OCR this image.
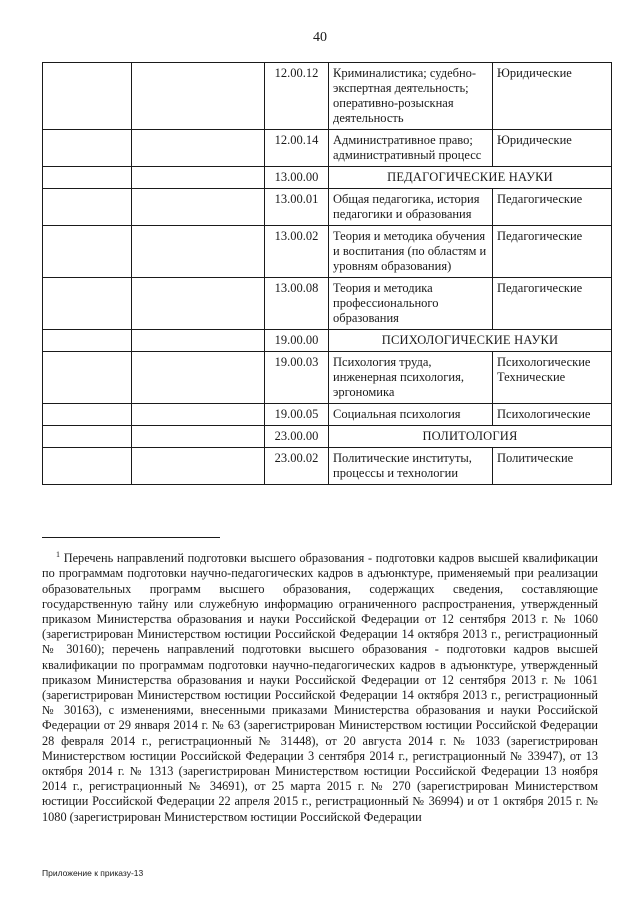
40
		12.00.12	Криминалистика; судебно-экспертная деятельность; оперативно-розыскная деятельность	Юридические
		12.00.14	Административное право; административный процесс	Юридические
		13.00.00	ПЕДАГОГИЧЕСКИЕ НАУКИ	
		13.00.01	Общая педагогика, история педагогики и образования	Педагогические
		13.00.02	Теория и методика обучения и воспитания (по областям и уровням образования)	Педагогические
		13.00.08	Теория и методика профессионального образования	Педагогические
		19.00.00	ПСИХОЛОГИЧЕСКИЕ НАУКИ	
		19.00.03	Психология труда, инженерная психология, эргономика	Психологические Технические
		19.00.05	Социальная психология	Психологические
		23.00.00	ПОЛИТОЛОГИЯ	
		23.00.02	Политические институты, процессы и технологии	Политические
$^1$ Перечень направлений подготовки высшего образования - подготовки кадров высшей квалификации по программам подготовки научно-педагогических кадров в адъюнктуре, применяемый при реализации образовательных программ высшего образования, содержащих сведения, составляющие государственную тайну или служебную информацию ограниченного распространения, утвержденный приказом Министерства образования и науки Российской Федерации от 12 сентября 2013 г. № 1060 (зарегистрирован Министерством юстиции Российской Федерации 14 октября 2013 г., регистрационный № 30160); перечень направлений подготовки высшего образования - подготовки кадров высшей квалификации по программам подготовки научно-педагогических кадров в адъюнктуре, утвержденный приказом Министерства образования и науки Российской Федерации от 12 сентября 2013 г. № 1061 (зарегистрирован Министерством юстиции Российской Федерации 14 октября 2013 г., регистрационный № 30163), с изменениями, внесенными приказами Министерства образования и науки Российской Федерации от 29 января 2014 г. № 63 (зарегистрирован Министерством юстиции Российской Федерации 28 февраля 2014 г., регистрационный № 31448), от 20 августа 2014 г. № 1033 (зарегистрирован Министерством юстиции Российской Федерации 3 сентября 2014 г., регистрационный № 33947), от 13 октября 2014 г. № 1313 (зарегистрирован Министерством юстиции Российской Федерации 13 ноября 2014 г., регистрационный № 34691), от 25 марта 2015 г. № 270 (зарегистрирован Министерством юстиции Российской Федерации 22 апреля 2015 г., регистрационный № 36994) и от 1 октября 2015 г. № 1080 (зарегистрирован Министерством юстиции Российской Федерации
Приложение к приказу-13
